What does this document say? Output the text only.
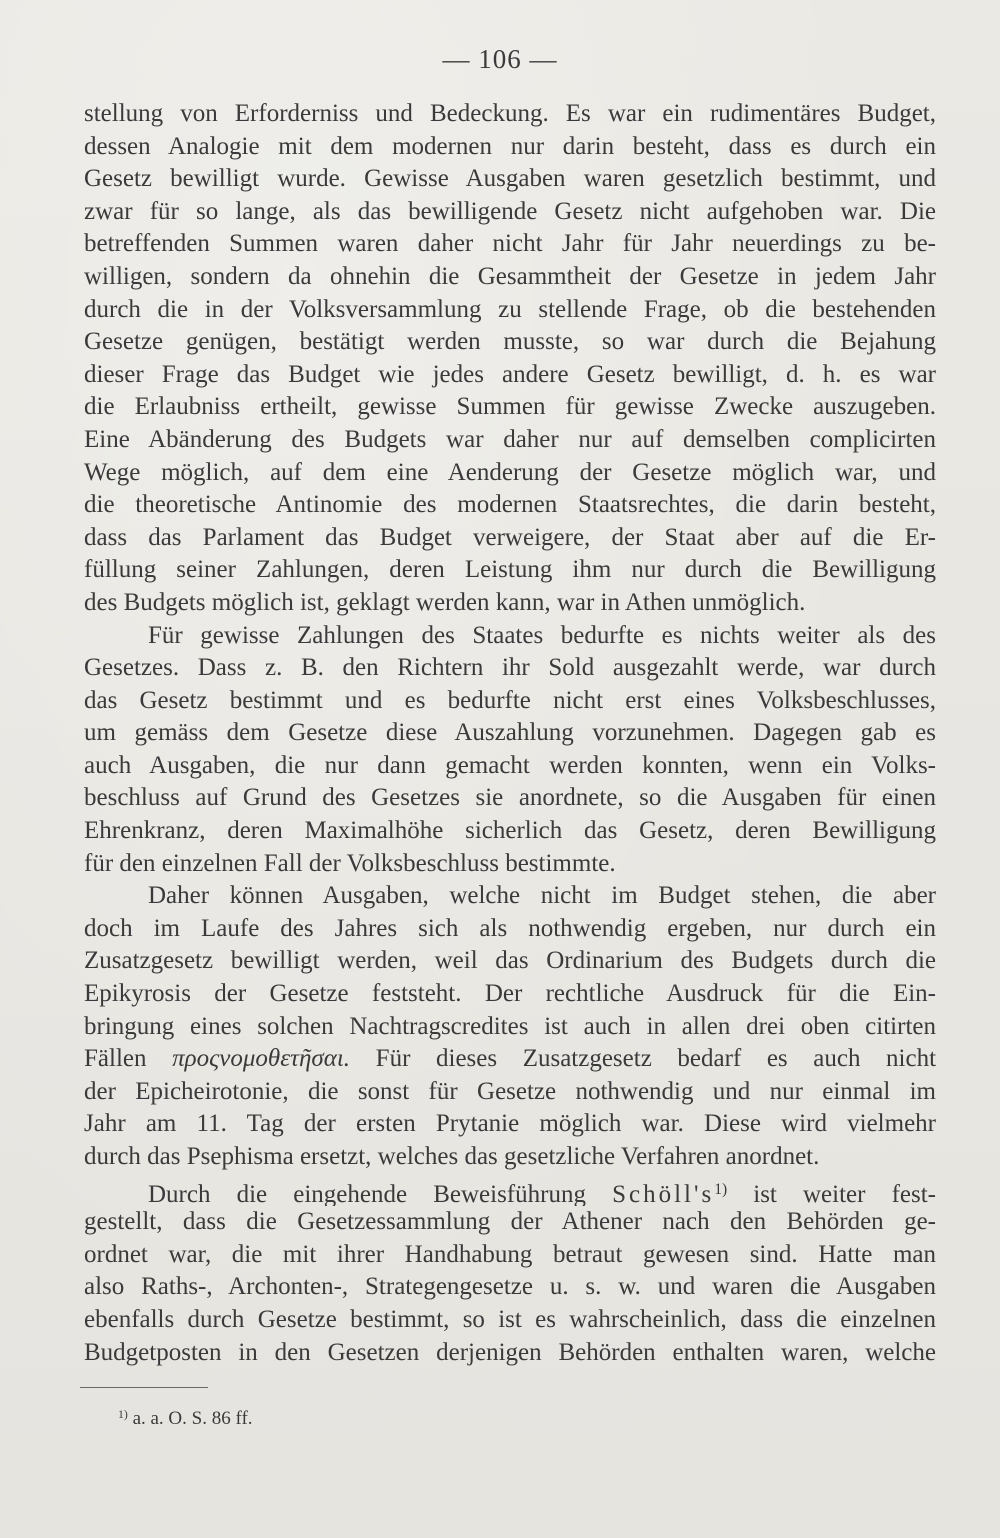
— 106 —
stellung von Erforderniss und Bedeckung. Es war ein rudimentäres Budget,
dessen Analogie mit dem modernen nur darin besteht, dass es durch ein
Gesetz bewilligt wurde. Gewisse Ausgaben waren gesetzlich bestimmt, und
zwar für so lange, als das bewilligende Gesetz nicht aufgehoben war. Die
betreffenden Summen waren daher nicht Jahr für Jahr neuerdings zu be-
willigen, sondern da ohnehin die Gesammtheit der Gesetze in jedem Jahr
durch die in der Volksversammlung zu stellende Frage, ob die bestehenden
Gesetze genügen, bestätigt werden musste, so war durch die Bejahung
dieser Frage das Budget wie jedes andere Gesetz bewilligt, d. h. es war
die Erlaubniss ertheilt, gewisse Summen für gewisse Zwecke auszugeben.
Eine Abänderung des Budgets war daher nur auf demselben complicirten
Wege möglich, auf dem eine Aenderung der Gesetze möglich war, und
die theoretische Antinomie des modernen Staatsrechtes, die darin besteht,
dass das Parlament das Budget verweigere, der Staat aber auf die Er-
füllung seiner Zahlungen, deren Leistung ihm nur durch die Bewilligung
des Budgets möglich ist, geklagt werden kann, war in Athen unmöglich.
Für gewisse Zahlungen des Staates bedurfte es nichts weiter als des
Gesetzes. Dass z. B. den Richtern ihr Sold ausgezahlt werde, war durch
das Gesetz bestimmt und es bedurfte nicht erst eines Volksbeschlusses,
um gemäss dem Gesetze diese Auszahlung vorzunehmen. Dagegen gab es
auch Ausgaben, die nur dann gemacht werden konnten, wenn ein Volks-
beschluss auf Grund des Gesetzes sie anordnete, so die Ausgaben für einen
Ehrenkranz, deren Maximalhöhe sicherlich das Gesetz, deren Bewilligung
für den einzelnen Fall der Volksbeschluss bestimmte.
Daher können Ausgaben, welche nicht im Budget stehen, die aber
doch im Laufe des Jahres sich als nothwendig ergeben, nur durch ein
Zusatzgesetz bewilligt werden, weil das Ordinarium des Budgets durch die
Epikyrosis der Gesetze feststeht. Der rechtliche Ausdruck für die Ein-
bringung eines solchen Nachtragscredites ist auch in allen drei oben citirten
Fällen προςνομοθετῆσαι. Für dieses Zusatzgesetz bedarf es auch nicht
der Epicheirotonie, die sonst für Gesetze nothwendig und nur einmal im
Jahr am 11. Tag der ersten Prytanie möglich war. Diese wird vielmehr
durch das Psephisma ersetzt, welches das gesetzliche Verfahren anordnet.
Durch die eingehende Beweisführung $Schöll's^{1)}$ ist weiter fest-
gestellt, dass die Gesetzessammlung der Athener nach den Behörden ge-
ordnet war, die mit ihrer Handhabung betraut gewesen sind. Hatte man
also Raths-, Archonten-, Strategengesetze u. s. w. und waren die Ausgaben
ebenfalls durch Gesetze bestimmt, so ist es wahrscheinlich, dass die einzelnen
Budgetposten in den Gesetzen derjenigen Behörden enthalten waren, welche
$^{1)}$ a. a. O. S. 86 ff.
